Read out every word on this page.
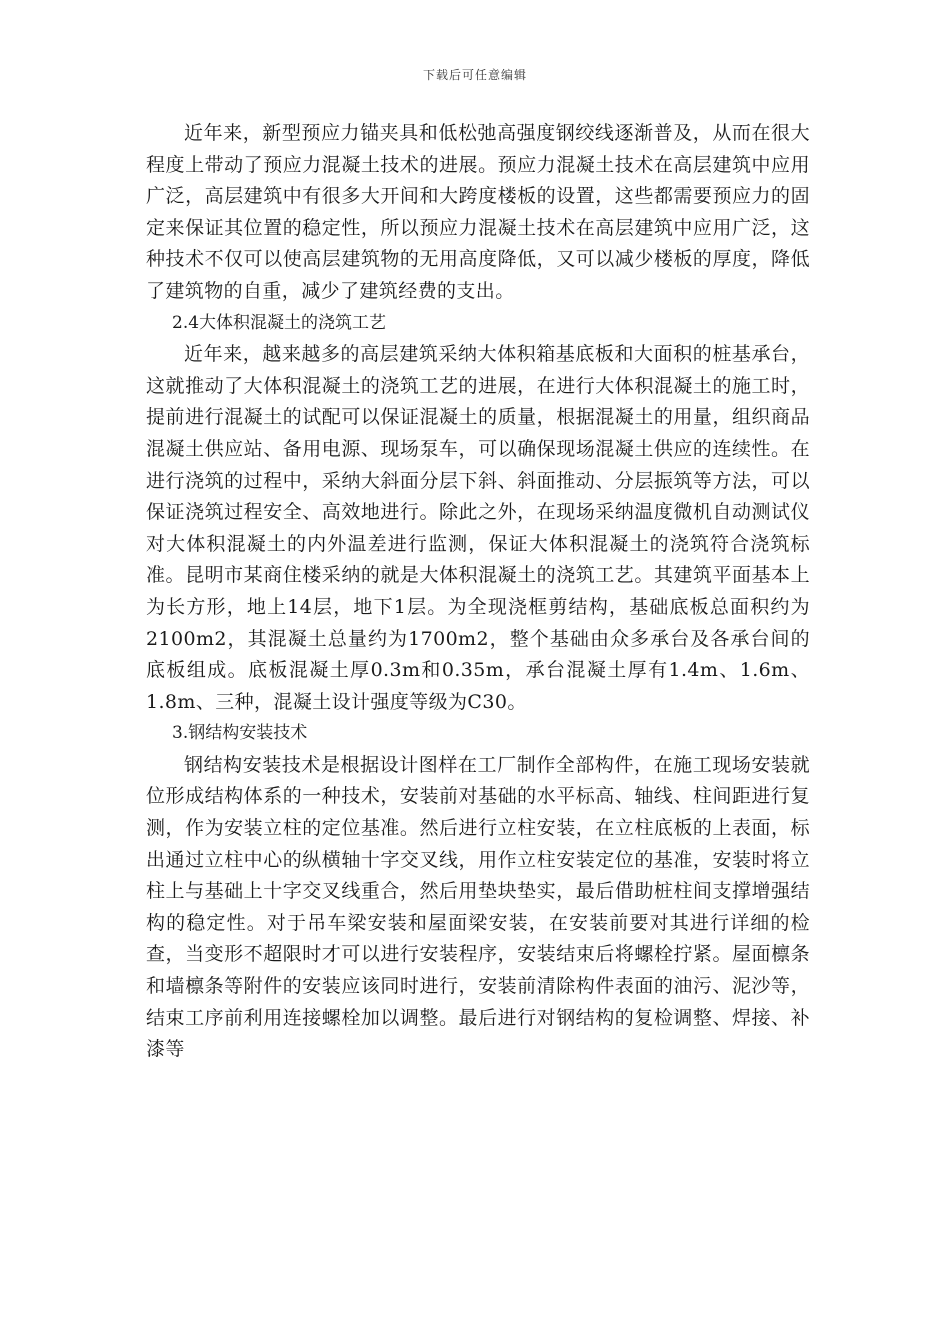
下载后可任意编辑

近年来，新型预应力锚夹具和低松弛高强度钢绞线逐渐普及，从而在很大程度上带动了预应力混凝土技术的进展。预应力混凝土技术在高层建筑中应用广泛，高层建筑中有很多大开间和大跨度楼板的设置，这些都需要预应力的固定来保证其位置的稳定性，所以预应力混凝土技术在高层建筑中应用广泛，这种技术不仅可以使高层建筑物的无用高度降低，又可以减少楼板的厚度，降低了建筑物的自重，减少了建筑经费的支出。

2.4大体积混凝土的浇筑工艺

近年来，越来越多的高层建筑采纳大体积箱基底板和大面积的桩基承台，这就推动了大体积混凝土的浇筑工艺的进展，在进行大体积混凝土的施工时，提前进行混凝土的试配可以保证混凝土的质量，根据混凝土的用量，组织商品混凝土供应站、备用电源、现场泵车，可以确保现场混凝土供应的连续性。在进行浇筑的过程中，采纳大斜面分层下斜、斜面推动、分层振筑等方法，可以保证浇筑过程安全、高效地进行。除此之外，在现场采纳温度微机自动测试仪对大体积混凝土的内外温差进行监测，保证大体积混凝土的浇筑符合浇筑标准。昆明市某商住楼采纳的就是大体积混凝土的浇筑工艺。其建筑平面基本上为长方形，地上14层，地下1层。为全现浇框剪结构，基础底板总面积约为2100m2，其混凝土总量约为1700m2，整个基础由众多承台及各承台间的底板组成。底板混凝土厚0.3m和0.35m，承台混凝土厚有1.4m、1.6m、1.8m、三种，混凝土设计强度等级为C30。

3.钢结构安装技术

钢结构安装技术是根据设计图样在工厂制作全部构件，在施工现场安装就位形成结构体系的一种技术，安装前对基础的水平标高、轴线、柱间距进行复测，作为安装立柱的定位基准。然后进行立柱安装，在立柱底板的上表面，标出通过立柱中心的纵横轴十字交叉线，用作立柱安装定位的基准，安装时将立柱上与基础上十字交叉线重合，然后用垫块垫实，最后借助桩柱间支撑增强结构的稳定性。对于吊车梁安装和屋面梁安装，在安装前要对其进行详细的检查，当变形不超限时才可以进行安装程序，安装结束后将螺栓拧紧。屋面檩条和墙檩条等附件的安装应该同时进行，安装前清除构件表面的油污、泥沙等，结束工序前利用连接螺栓加以调整。最后进行对钢结构的复检调整、焊接、补漆等
